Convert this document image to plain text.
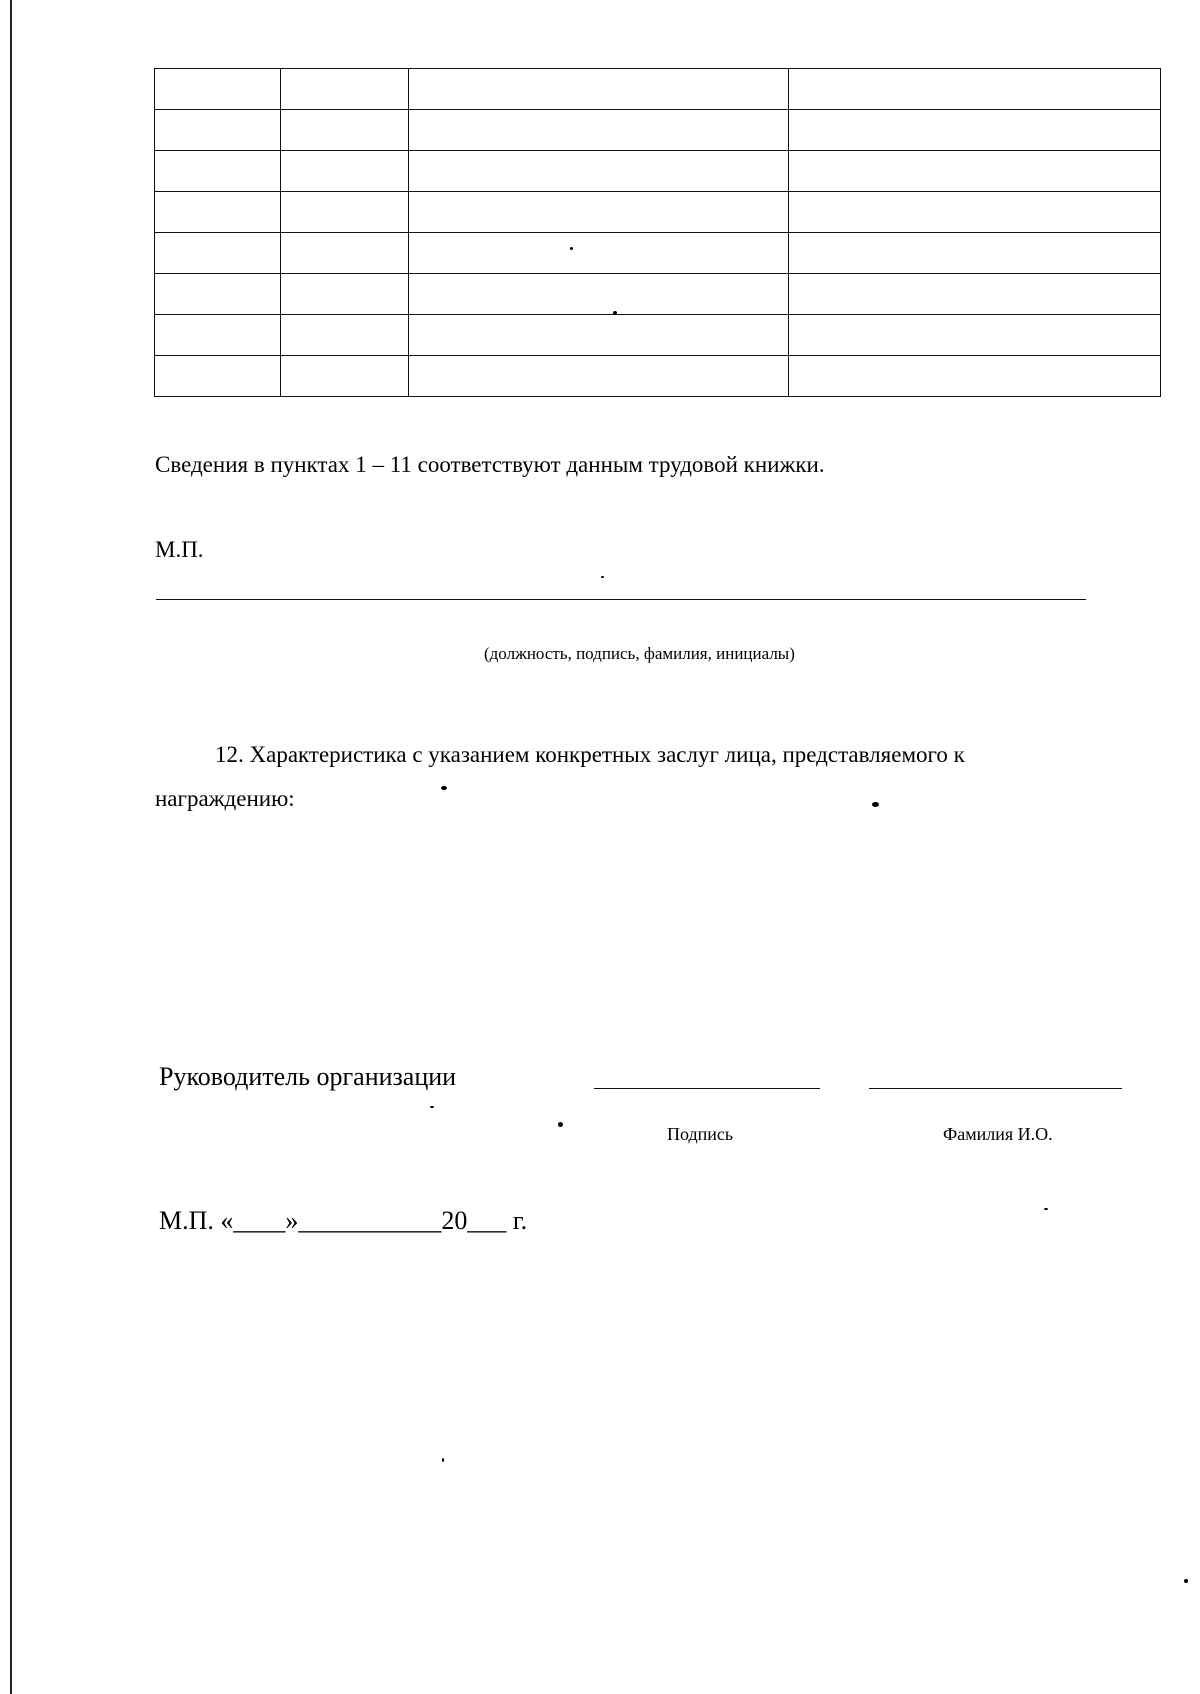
Сведения в пунктах 1 – 11 соответствуют данным трудовой книжки.
М.П.
(должность, подпись, фамилия, инициалы)
12. Характеристика с указанием конкретных заслуг лица, представляемого к
награждению:
Руководитель организации
Подпись	Фамилия И.О.
М.П. «____»___________20___ г.
